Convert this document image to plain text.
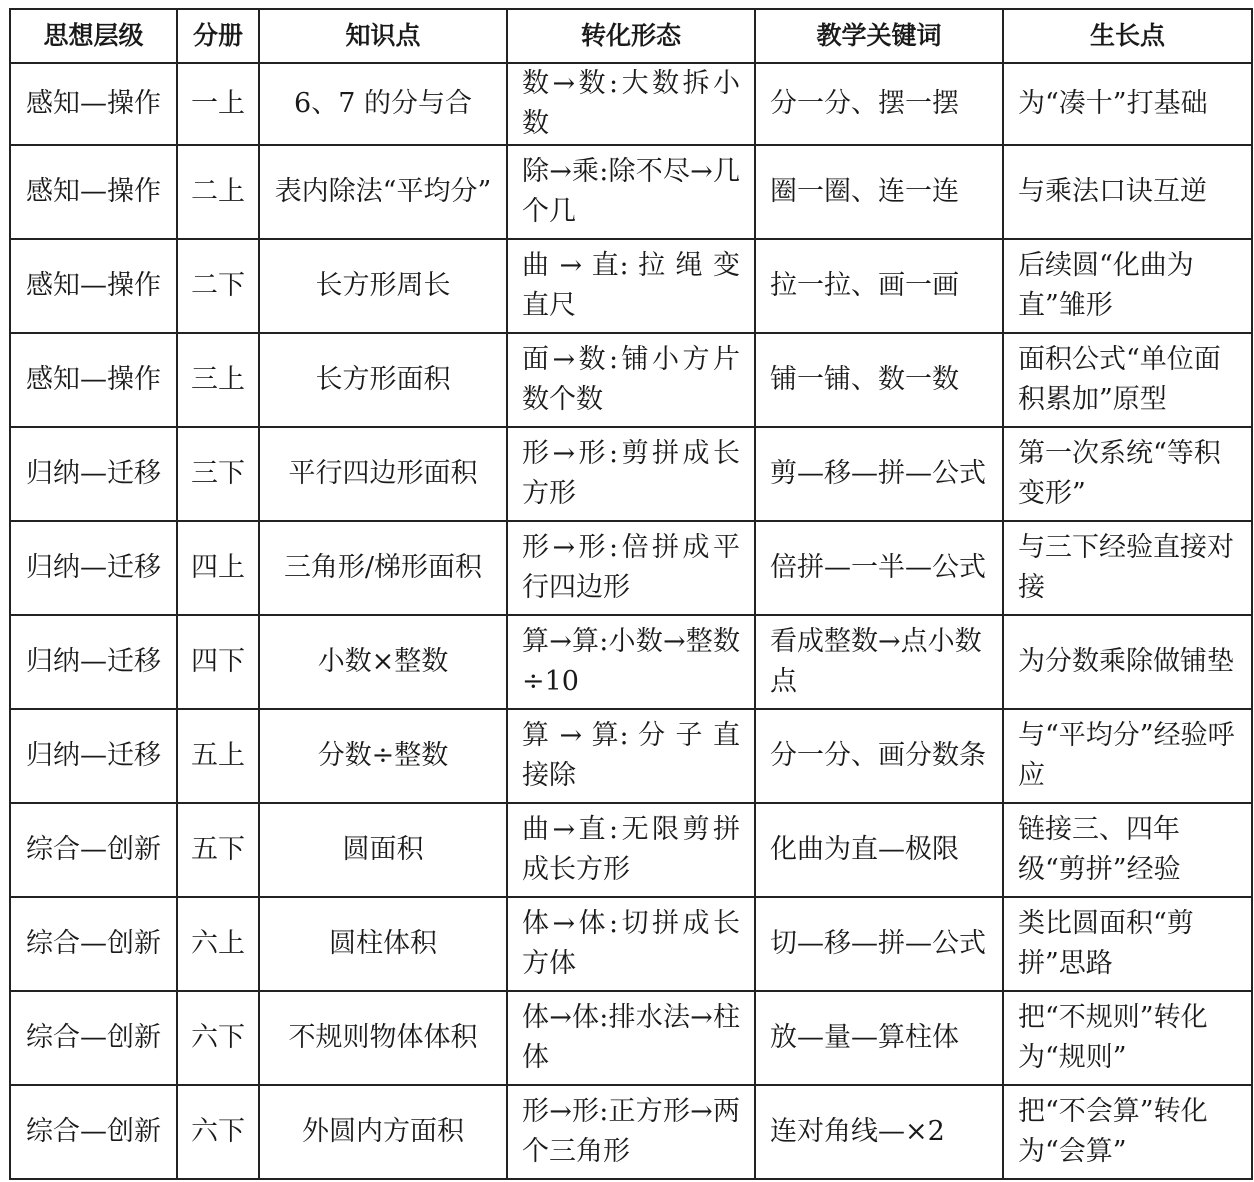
思想层级	分册	知识点	转化形态	教学关键词	生长点
感知—操作	一上	6、7 的分与合	数→数:大数拆小数	分一分、摆一摆	为“凑十”打基础
感知—操作	二上	表内除法“平均分”	除→乘:除不尽→几个几	圈一圈、连一连	与乘法口诀互逆
感知—操作	二下	长方形周长	曲 → 直: 拉 绳 变 直尺	拉一拉、画一画	后续圆“化曲为直”雏形
感知—操作	三上	长方形面积	面→数:铺小方片数个数	铺一铺、数一数	面积公式“单位面积累加”原型
归纳—迁移	三下	平行四边形面积	形→形:剪拼成长方形	剪—移—拼—公式	第一次系统“等积变形”
归纳—迁移	四上	三角形/梯形面积	形→形:倍拼成平行四边形	倍拼—一半—公式	与三下经验直接对接
归纳—迁移	四下	小数×整数	算→算:小数→整数÷10	看成整数→点小数点	为分数乘除做铺垫
归纳—迁移	五上	分数÷整数	算 → 算: 分 子 直 接除	分一分、画分数条	与“平均分”经验呼应
综合—创新	五下	圆面积	曲→直:无限剪拼成长方形	化曲为直—极限	链接三、四年级“剪拼”经验
综合—创新	六上	圆柱体积	体→体:切拼成长方体	切—移—拼—公式	类比圆面积“剪拼”思路
综合—创新	六下	不规则物体体积	体→体:排水法→柱体	放—量—算柱体	把“不规则”转化为“规则”
综合—创新	六下	外圆内方面积	形→形:正方形→两个三角形	连对角线—×2	把“不会算”转化为“会算”
